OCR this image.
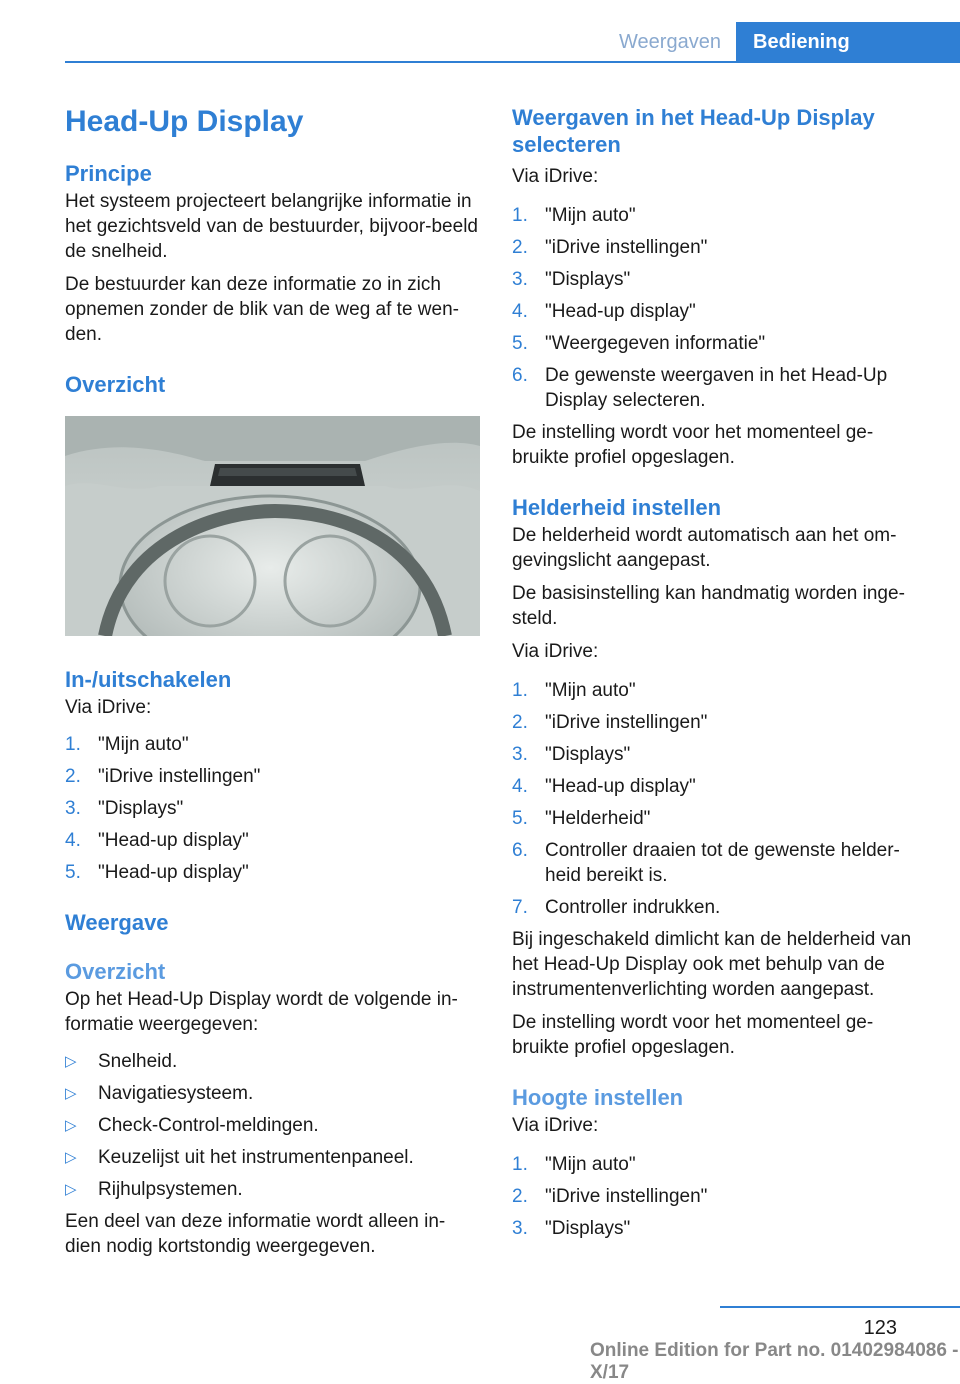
Weergaven	Bediening
Head-Up Display
Principe

Het systeem projecteert belangrijke informatie in het gezichtsveld van de bestuurder, bijvoor-beeld de snelheid.

De bestuurder kan deze informatie zo in zich opnemen zonder de blik van de weg af te wen-den.

Overzicht
In-/uitschakelen

Via iDrive:

1. "Mijn auto"
2. "iDrive instellingen"
3. "Displays"
4. "Head-up display"
5. "Head-up display"
Weergave
Overzicht

Op het Head-Up Display wordt de volgende in-formatie weergegeven:

▷ Snelheid.
▷ Navigatiesysteem.
▷ Check-Control-meldingen.
▷ Keuzelijst uit het instrumentenpaneel.
▷ Rijhulpsystemen.

Een deel van deze informatie wordt alleen in-dien nodig kortstondig weergegeven.

Weergaven in het Head-Up Display selecteren

Via iDrive:

1. "Mijn auto"
2. "iDrive instellingen"
3. "Displays"
4. "Head-up display"
5. "Weergegeven informatie"
6. De gewenste weergaven in het Head-Up Display selecteren.

De instelling wordt voor het momenteel ge-bruikte profiel opgeslagen.

Helderheid instellen

De helderheid wordt automatisch aan het om-gevingslicht aangepast.

De basisinstelling kan handmatig worden inge-steld.

Via iDrive:

1. "Mijn auto"
2. "iDrive instellingen"
3. "Displays"
4. "Head-up display"
5. "Helderheid"
6. Controller draaien tot de gewenste helder-heid bereikt is.
7. Controller indrukken.

Bij ingeschakeld dimlicht kan de helderheid van het Head-Up Display ook met behulp van de instrumentenverlichting worden aangepast.

De instelling wordt voor het momenteel ge-bruikte profiel opgeslagen.

Hoogte instellen

Via iDrive:

1. "Mijn auto"
2. "iDrive instellingen"
3. "Displays"
123
Online Edition for Part no. 01402984086 - X/17
